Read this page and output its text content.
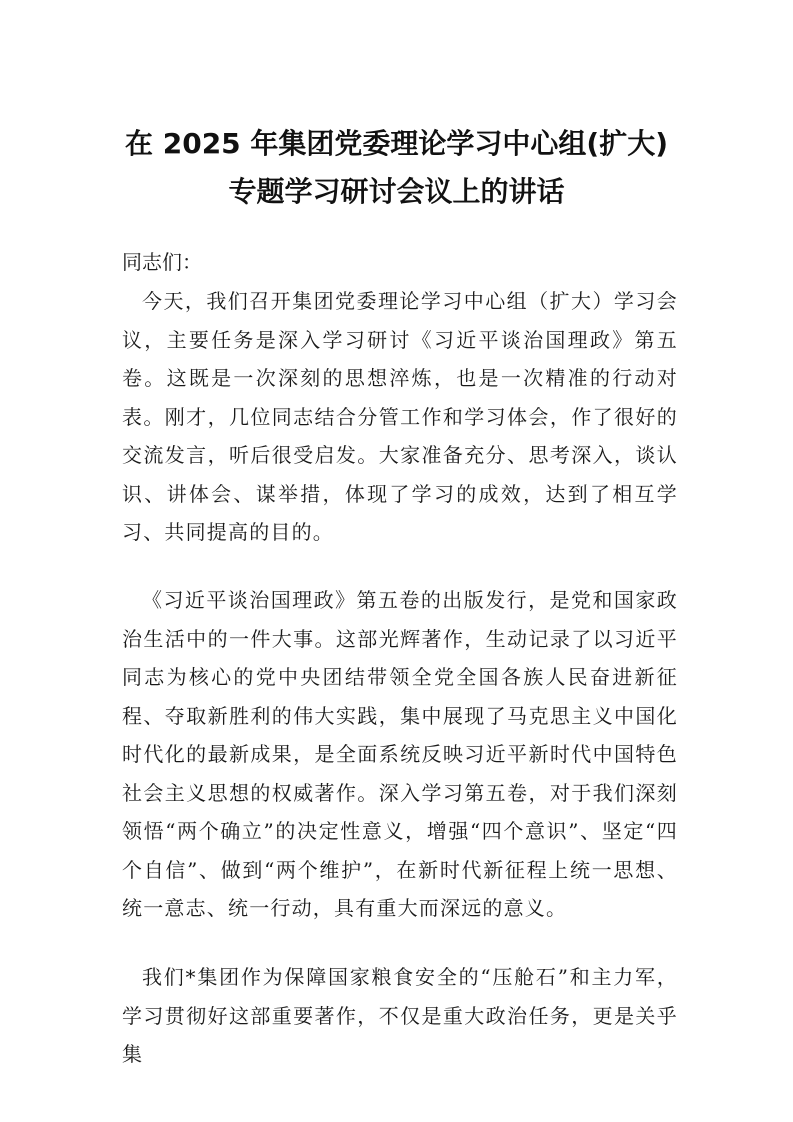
在 2025 年集团党委理论学习中心组(扩大)
专题学习研讨会议上的讲话

同志们：

今天，我们召开集团党委理论学习中心组（扩大）学习会议，主要任务是深入学习研讨《习近平谈治国理政》第五卷。这既是一次深刻的思想淬炼，也是一次精准的行动对表。刚才，几位同志结合分管工作和学习体会，作了很好的交流发言，听后很受启发。大家准备充分、思考深入，谈认识、讲体会、谋举措，体现了学习的成效，达到了相互学习、共同提高的目的。

《习近平谈治国理政》第五卷的出版发行，是党和国家政治生活中的一件大事。这部光辉著作，生动记录了以习近平同志为核心的党中央团结带领全党全国各族人民奋进新征程、夺取新胜利的伟大实践，集中展现了马克思主义中国化时代化的最新成果，是全面系统反映习近平新时代中国特色社会主义思想的权威著作。深入学习第五卷，对于我们深刻领悟“两个确立”的决定性意义，增强“四个意识”、坚定“四个自信”、做到“两个维护”，在新时代新征程上统一思想、统一意志、统一行动，具有重大而深远的意义。

我们*集团作为保障国家粮食安全的“压舱石”和主力军，学习贯彻好这部重要著作，不仅是重大政治任务，更是关乎集
